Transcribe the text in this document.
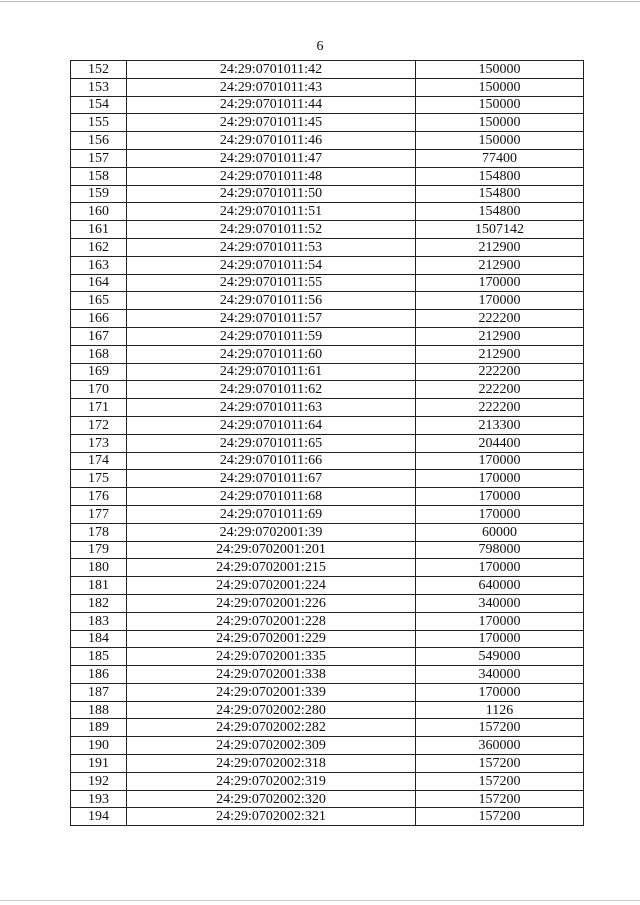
6
152	24:29:0701011:42	150000
153	24:29:0701011:43	150000
154	24:29:0701011:44	150000
155	24:29:0701011:45	150000
156	24:29:0701011:46	150000
157	24:29:0701011:47	77400
158	24:29:0701011:48	154800
159	24:29:0701011:50	154800
160	24:29:0701011:51	154800
161	24:29:0701011:52	1507142
162	24:29:0701011:53	212900
163	24:29:0701011:54	212900
164	24:29:0701011:55	170000
165	24:29:0701011:56	170000
166	24:29:0701011:57	222200
167	24:29:0701011:59	212900
168	24:29:0701011:60	212900
169	24:29:0701011:61	222200
170	24:29:0701011:62	222200
171	24:29:0701011:63	222200
172	24:29:0701011:64	213300
173	24:29:0701011:65	204400
174	24:29:0701011:66	170000
175	24:29:0701011:67	170000
176	24:29:0701011:68	170000
177	24:29:0701011:69	170000
178	24:29:0702001:39	60000
179	24:29:0702001:201	798000
180	24:29:0702001:215	170000
181	24:29:0702001:224	640000
182	24:29:0702001:226	340000
183	24:29:0702001:228	170000
184	24:29:0702001:229	170000
185	24:29:0702001:335	549000
186	24:29:0702001:338	340000
187	24:29:0702001:339	170000
188	24:29:0702002:280	1126
189	24:29:0702002:282	157200
190	24:29:0702002:309	360000
191	24:29:0702002:318	157200
192	24:29:0702002:319	157200
193	24:29:0702002:320	157200
194	24:29:0702002:321	157200
